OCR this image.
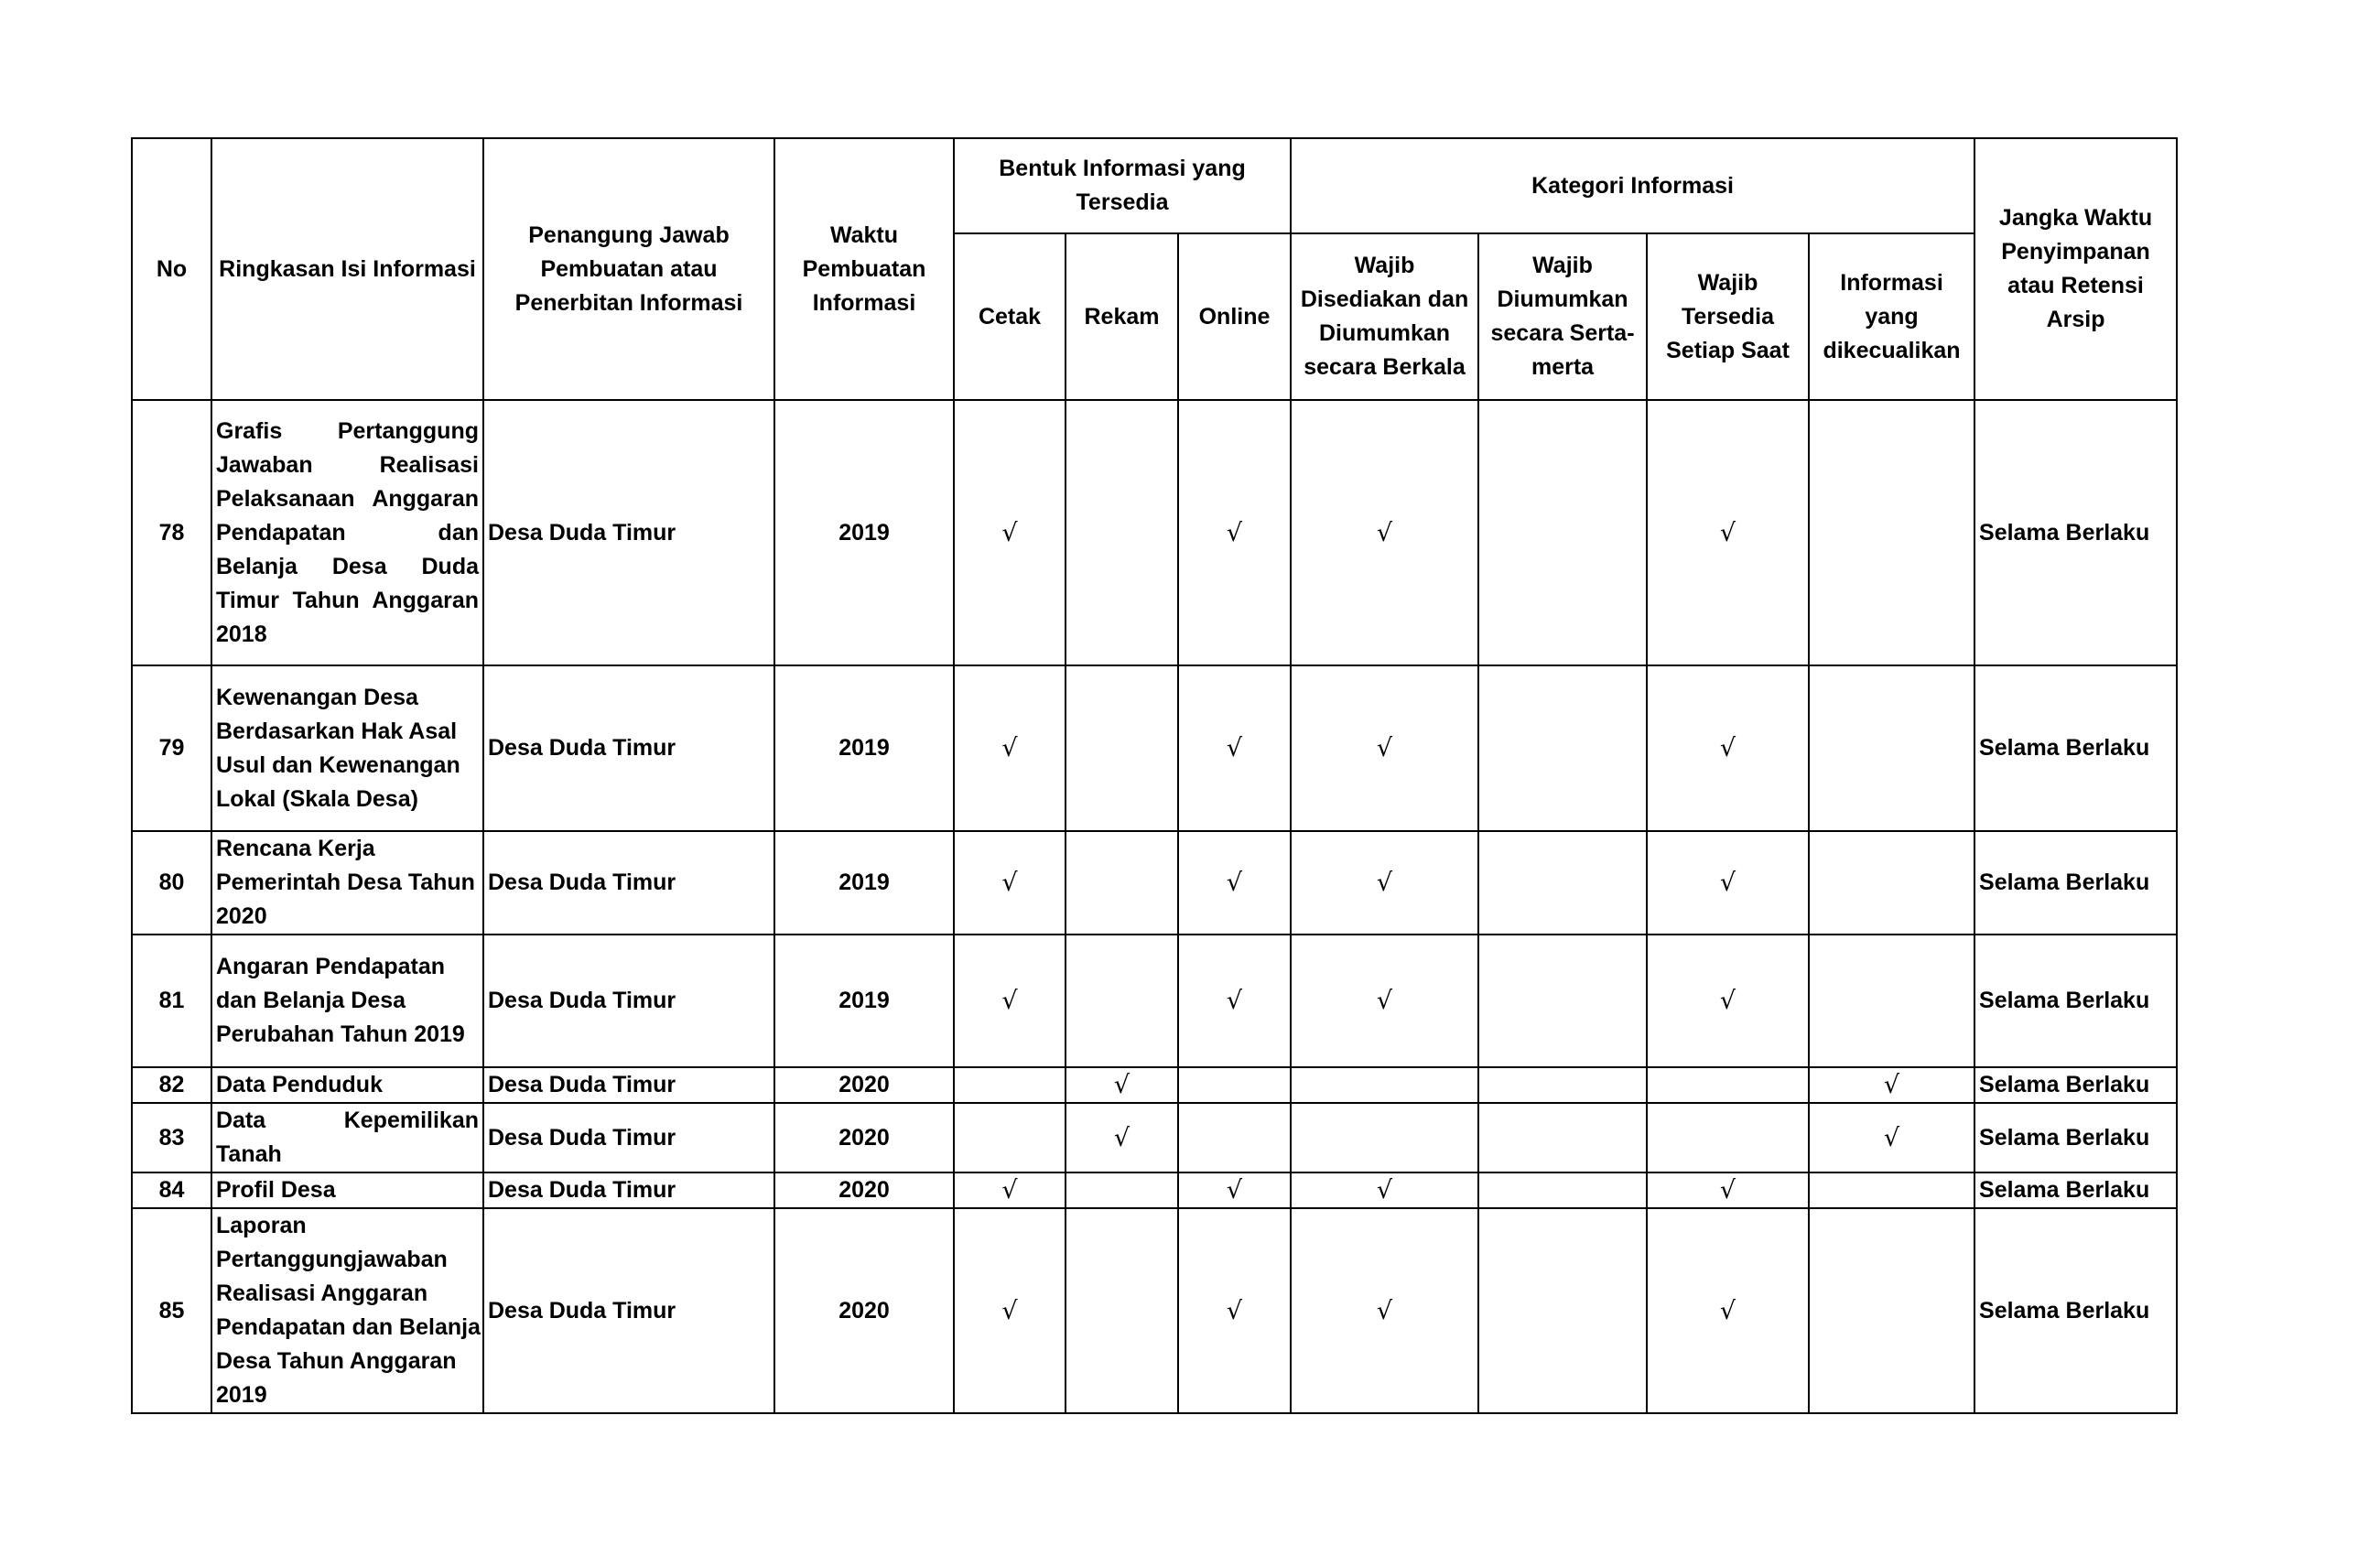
No	Ringkasan Isi Informasi	Penangung Jawab Pembuatan atau Penerbitan Informasi	Waktu Pembuatan Informasi	Bentuk Informasi yang Tersedia			Kategori Informasi				Jangka Waktu Penyimpanan atau Retensi Arsip
				Cetak	Rekam	Online	Wajib Disediakan dan Diumumkan secara Berkala	Wajib Diumumkan secara Serta-merta	Wajib Tersedia Setiap Saat	Informasi yang dikecualikan	
78	Grafis Pertanggung Jawaban Realisasi Pelaksanaan Anggaran Pendapatan dan Belanja Desa Duda Timur Tahun Anggaran 2018	Desa Duda Timur	2019	√		√	√		√		Selama Berlaku
79	Kewenangan Desa Berdasarkan Hak Asal Usul dan Kewenangan Lokal (Skala Desa)	Desa Duda Timur	2019	√		√	√		√		Selama Berlaku
80	Rencana Kerja Pemerintah Desa Tahun 2020	Desa Duda Timur	2019	√		√	√		√		Selama Berlaku
81	Angaran Pendapatan dan Belanja Desa Perubahan Tahun 2019	Desa Duda Timur	2019	√		√	√		√		Selama Berlaku
82	Data Penduduk	Desa Duda Timur	2020		√					√	Selama Berlaku
83	Data Kepemilikan Tanah	Desa Duda Timur	2020		√					√	Selama Berlaku
84	Profil Desa	Desa Duda Timur	2020	√		√	√		√		Selama Berlaku
85	Laporan Pertanggungjawaban Realisasi Anggaran Pendapatan dan Belanja Desa Tahun Anggaran 2019	Desa Duda Timur	2020	√		√	√		√		Selama Berlaku
